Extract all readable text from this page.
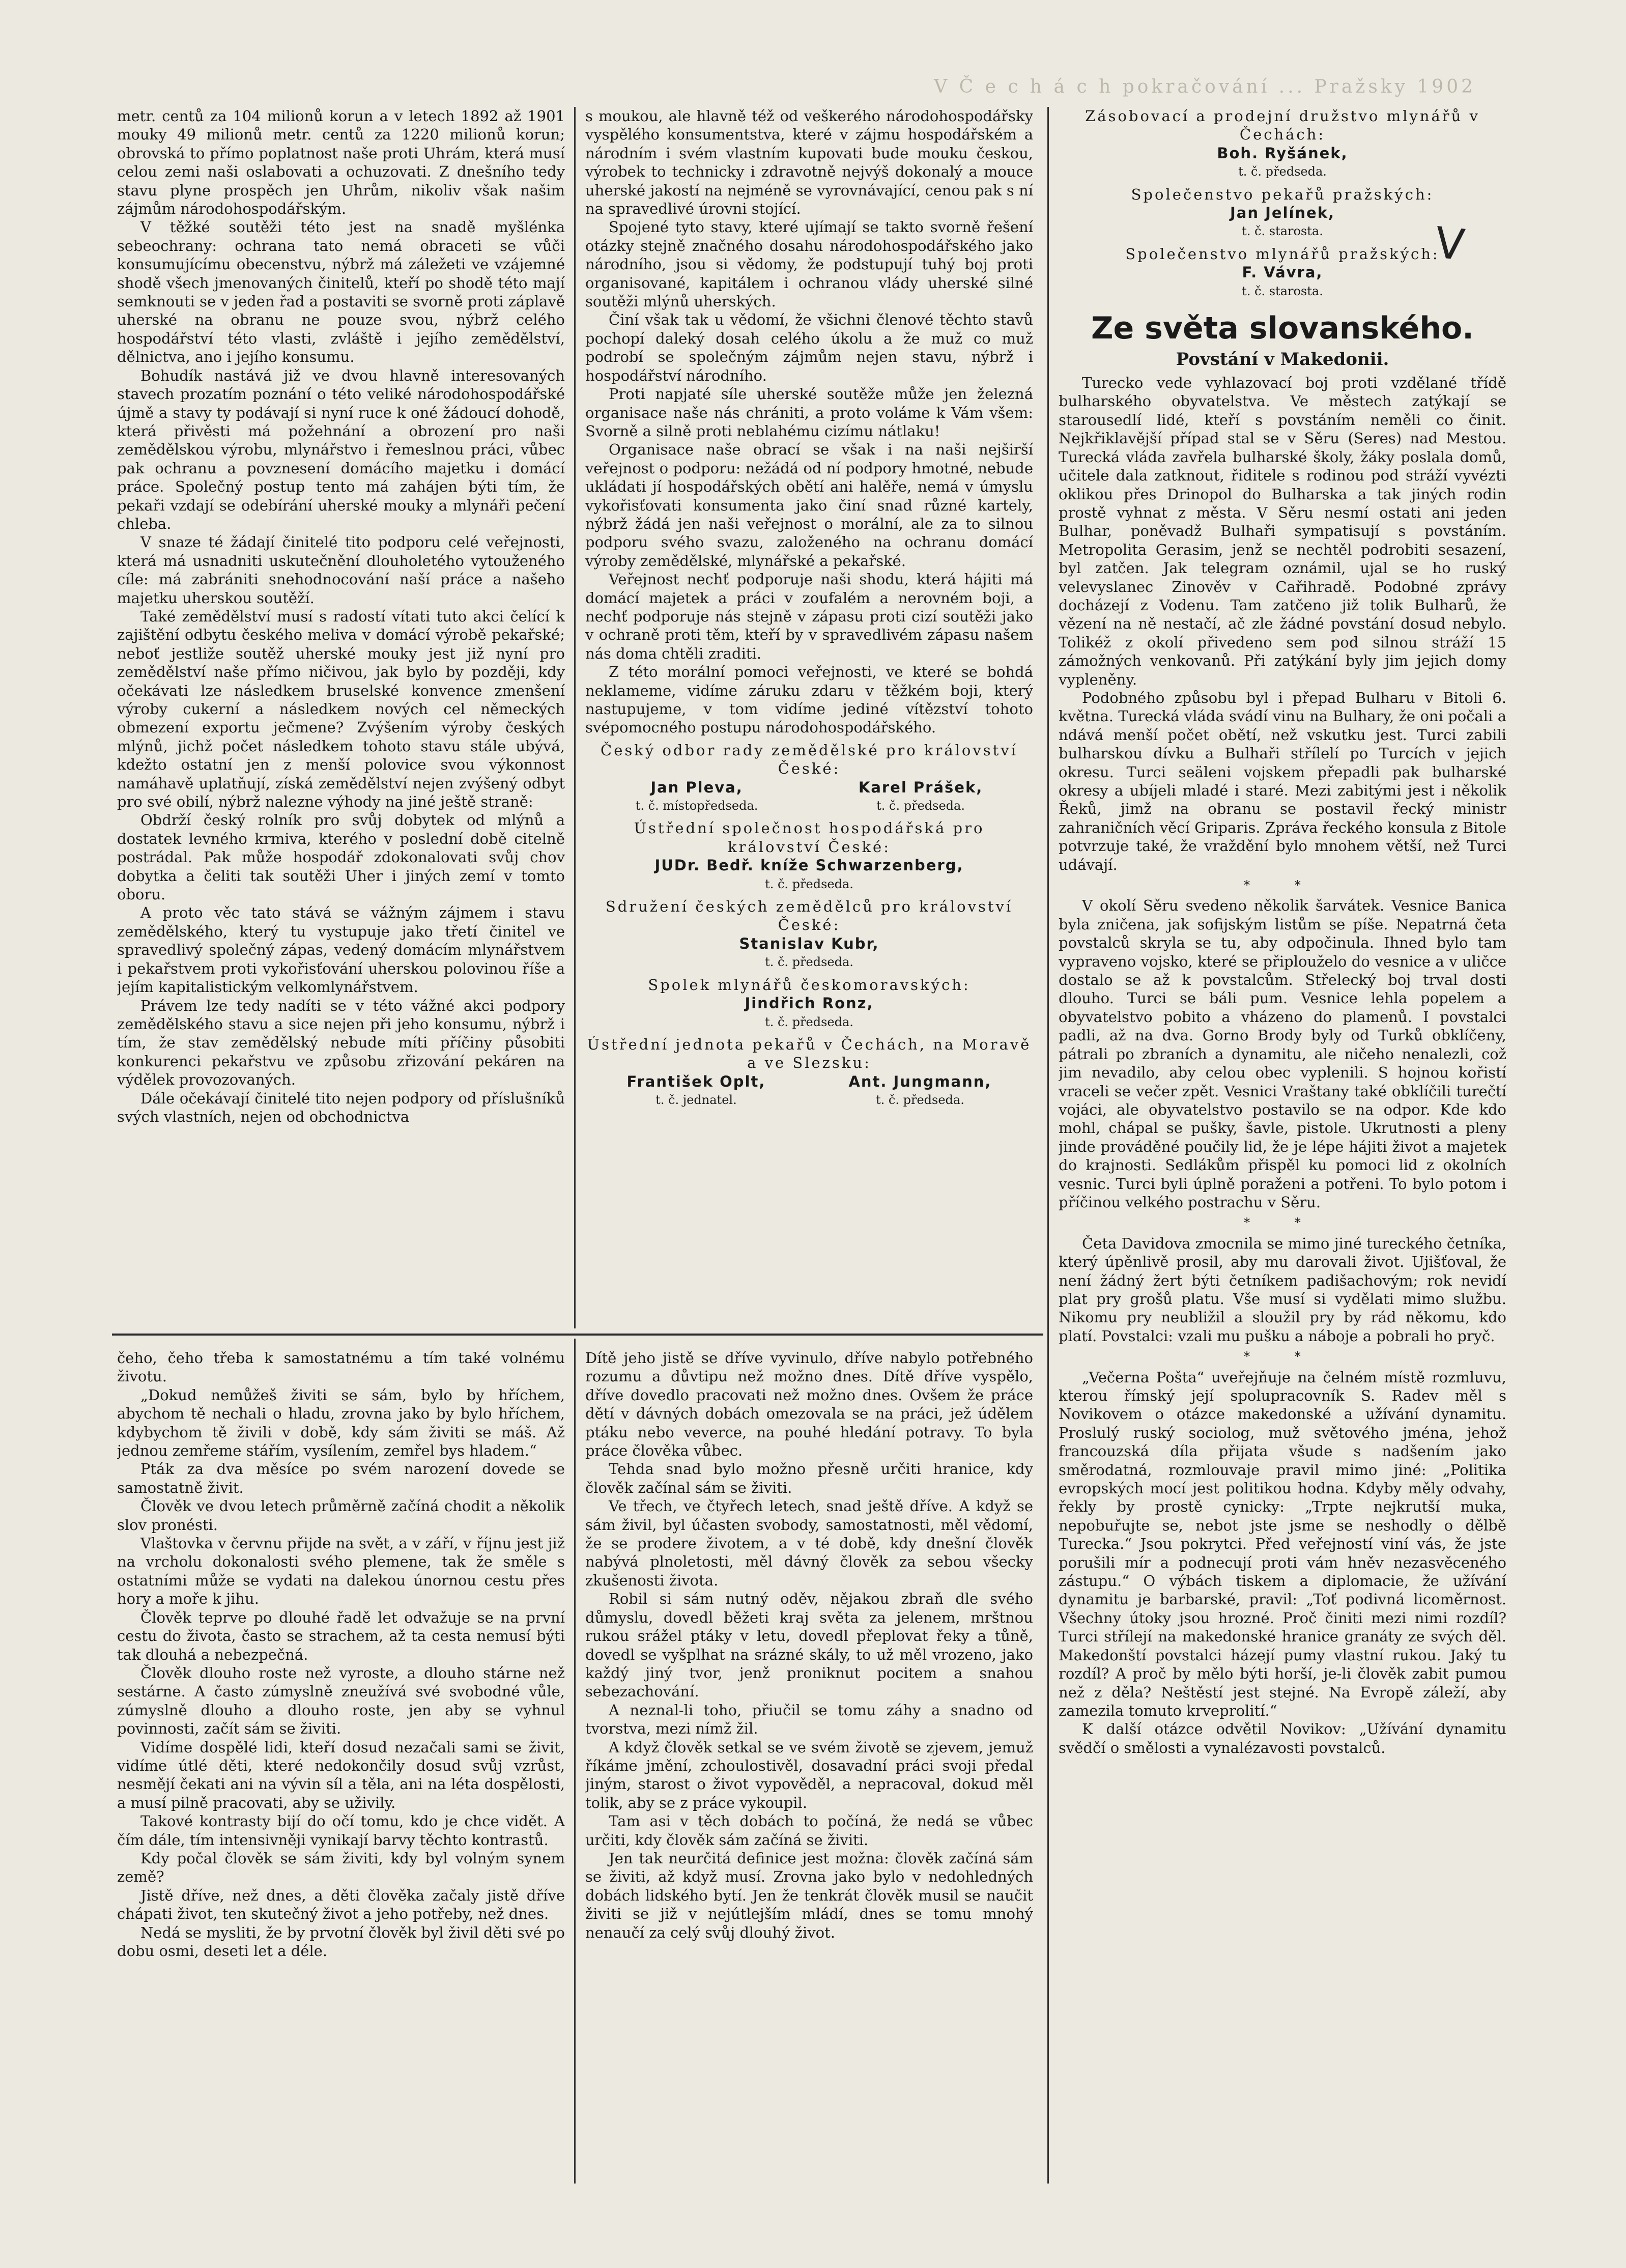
V Č e c h á c h pokračování ... Pražsky 1902

metr. centů za 104 milionů korun a v letech 1892 až 1901 mouky 49 milionů metr. centů za 1220 milionů korun; obrovská to přímo poplatnost naše proti Uhrám, která musí celou zemi naši oslabovati a ochuzovati. Z dnešního tedy stavu plyne prospěch jen Uhrům, nikoliv však našim zájmům národohospodářským.

V těžké soutěži této jest na snadě myšlénka sebeochrany: ochrana tato nemá obraceti se vůči konsumujícímu obecenstvu, nýbrž má záležeti ve vzájemné shodě všech jmenovaných činitelů, kteří po shodě této mají semknouti se v jeden řad a postaviti se svorně proti záplavě uherské na obranu ne pouze svou, nýbrž celého hospodářství této vlasti, zvláště i jejího zemědělství, dělnictva, ano i jejího konsumu.

Bohudík nastává již ve dvou hlavně interesovaných stavech prozatím poznání o této veliké národohospodářské újmě a stavy ty podávají si nyní ruce k oné žádoucí dohodě, která přivěsti má požehnání a obrození pro naši zemědělskou výrobu, mlynářstvo i řemeslnou práci, vůbec pak ochranu a povznesení domácího majetku i domácí práce. Společný postup tento má zahájen býti tím, že pekaři vzdají se odebírání uherské mouky a mlynáři pečení chleba.

V snaze té žádají činitelé tito podporu celé veřejnosti, která má usnadniti uskutečnění dlouholetého vytouženého cíle: má zabrániti snehodnocování naší práce a našeho majetku uherskou soutěží.

Také zemědělství musí s radostí vítati tuto akci čelící k zajištění odbytu českého meliva v domácí výrobě pekařské; neboť jestliže soutěž uherské mouky jest již nyní pro zemědělství naše přímo ničivou, jak bylo by později, kdy očekávati lze následkem bruselské konvence zmenšení výroby cukerní a následkem nových cel německých obmezení exportu ječmene? Zvýšením výroby českých mlýnů, jichž počet následkem tohoto stavu stále ubývá, kdežto ostatní jen z menší polovice svou výkonnost namáhavě uplatňují, získá zemědělství nejen zvýšený odbyt pro své obilí, nýbrž nalezne výhody na jiné ještě straně:

Obdrží český rolník pro svůj dobytek od mlýnů a dostatek levného krmiva, kterého v poslední době citelně postrádal. Pak může hospodář zdokonalovati svůj chov dobytka a čeliti tak soutěži Uher i jiných zemí v tomto oboru.

A proto věc tato stává se vážným zájmem i stavu zemědělského, který tu vystupuje jako třetí činitel ve spravedlivý společný zápas, vedený domácím mlynářstvem i pekařstvem proti vykořisťování uherskou polovinou říše a jejím kapitalistickým velkomlynářstvem.

Právem lze tedy nadíti se v této vážné akci podpory zemědělského stavu a sice nejen při jeho konsumu, nýbrž i tím, že stav zemědělský nebude míti příčiny působiti konkurenci pekařstvu ve způsobu zřizování pekáren na výdělek provozovaných.

Dále očekávají činitelé tito nejen podpory od příslušníků svých vlastních, nejen od obchodnictva

s moukou, ale hlavně též od veškerého národohospodářsky vyspělého konsumentstva, které v zájmu hospodářském a národním i svém vlastním kupovati bude mouku českou, výrobek to technicky i zdravotně nejvýš dokonalý a mouce uherské jakostí na nejméně se vyrovnávající, cenou pak s ní na spravedlivé úrovni stojící.

Spojené tyto stavy, které ujímají se takto svorně řešení otázky stejně značného dosahu národohospodářského jako národního, jsou si vědomy, že podstupují tuhý boj proti organisované, kapitálem i ochranou vlády uherské silné soutěži mlýnů uherských.

Činí však tak u vědomí, že všichni členové těchto stavů pochopí daleký dosah celého úkolu a že muž co muž podrobí se společným zájmům nejen stavu, nýbrž i hospodářství národního.

Proti napjaté síle uherské soutěže může jen železná organisace naše nás chrániti, a proto voláme k Vám všem: Svorně a silně proti neblahému cizímu nátlaku!

Organisace naše obrací se však i na naši nejširší veřejnost o podporu: nežádá od ní podpory hmotné, nebude ukládati jí hospodářských obětí ani halěře, nemá v úmyslu vykořisťovati konsumenta jako činí snad různé kartely, nýbrž žádá jen naši veřejnost o morální, ale za to silnou podporu svého svazu, založeného na ochranu domácí výroby zemědělské, mlynářské a pekařské.

Veřejnost nechť podporuje naši shodu, která hájiti má domácí majetek a práci v zoufalém a nerovném boji, a nechť podporuje nás stejně v zápasu proti cizí soutěži jako v ochraně proti těm, kteří by v spravedlivém zápasu našem nás doma chtěli zraditi.

Z této morální pomoci veřejnosti, ve které se bohdá neklameme, vidíme záruku zdaru v těžkém boji, který nastupujeme, v tom vidíme jediné vítězství tohoto svépomocného postupu národohospodářského.

Český odbor rady zemědělské pro království České:
Jan Pleva,
t. č. místopředseda.
Karel Prášek,
t. č. předseda.
Ústřední společnost hospodářská pro království České:
JUDr. Bedř. kníže Schwarzenberg,
t. č. předseda.
Sdružení českých zemědělců pro království České:
Stanislav Kubr,
t. č. předseda.
Spolek mlynářů českomoravských:
Jindřich Ronz,
t. č. předseda.
Ústřední jednota pekařů v Čechách, na Moravě a ve Slezsku:
František Oplt,
t. č. jednatel.
Ant. Jungmann,
t. č. předseda.
Zásobovací a prodejní družstvo mlynářů v Čechách:
Boh. Ryšánek,
t. č. předseda.
Společenstvo pekařů pražských:
Jan Jelínek,
t. č. starosta.
Společenstvo mlynářů pražských:
F. Vávra,
t. č. starosta.
Ze světa slovanského.
Povstání v Makedonii.

Turecko vede vyhlazovací boj proti vzdělané třídě bulharského obyvatelstva. Ve městech zatýkají se starousedlí lidé, kteří s povstáním neměli co činit. Nejkřiklavější případ stal se v Sěru (Seres) nad Mestou. Turecká vláda zavřela bulharské školy, žáky poslala domů, učitele dala zatknout, řiditele s rodinou pod stráží vyvézti oklikou přes Drinopol do Bulharska a tak jiných rodin prostě vyhnat z města. V Sěru nesmí ostati ani jeden Bulhar, poněvadž Bulhaři sympatisují s povstáním. Metropolita Gerasim, jenž se nechtěl podrobiti sesazení, byl zatčen. Jak telegram oznámil, ujal se ho ruský velevyslanec Zinověv v Cařihradě. Podobné zprávy docházejí z Vodenu. Tam zatčeno již tolik Bulharů, že vězení na ně nestačí, ač zle žádné povstání dosud nebylo. Tolikéž z okolí přivedeno sem pod silnou stráží 15 zámožných venkovanů. Při zatýkání byly jim jejich domy vypleněny.

Podobného způsobu byl i přepad Bulharu v Bitoli 6. května. Turecká vláda svádí vinu na Bulhary, že oni počali a ndává menší počet obětí, než vskutku jest. Turci zabili bulharskou dívku a Bulhaři střílelí po Turcích v jejich okresu. Turci seäleni vojskem přepadli pak bulharské okresy a ubíjeli mladé i staré. Mezi zabitými jest i několik Řeků, jimž na obranu se postavil řecký ministr zahraničních věcí Griparis. Zpráva řeckého konsula z Bitole potvrzuje také, že vraždění bylo mnohem větší, než Turci udávají.

* *

V okolí Sěru svedeno několik šarvátek. Vesnice Banica byla zničena, jak sofijským listům se píše. Nepatrná četa povstalců skryla se tu, aby odpočinula. Ihned bylo tam vypraveno vojsko, které se připlouželo do vesnice a v uličce dostalo se až k povstalcům. Střelecký boj trval dosti dlouho. Turci se báli pum. Vesnice lehla popelem a obyvatelstvo pobito a vházeno do plamenů. I povstalci padli, až na dva. Gorno Brody byly od Turků obklíčeny, pátrali po zbraních a dynamitu, ale ničeho nenalezli, což jim nevadilo, aby celou obec vyplenili. S hojnou kořistí vraceli se večer zpět. Vesnici Vraštany také obklíčili turečtí vojáci, ale obyvatelstvo postavilo se na odpor. Kde kdo mohl, chápal se pušky, šavle, pistole. Ukrutnosti a pleny jinde prováděné poučily lid, že je lépe hájiti život a majetek do krajnosti. Sedlákům přispěl ku pomoci lid z okolních vesnic. Turci byli úplně poraženi a potřeni. To bylo potom i příčinou velkého postrachu v Sěru.

* *

Četa Davidova zmocnila se mimo jiné tureckého četníka, který úpěnlivě prosil, aby mu darovali život. Ujišťoval, že není žádný žert býti četníkem padišachovým; rok nevidí plat pry grošů platu. Vše musí si vydělati mimo službu. Nikomu pry neubližil a sloužil pry by rád někomu, kdo platí. Povstalci: vzali mu pušku a náboje a pobrali ho pryč.

* *

„Večerna Pošta“ uveřejňuje na čelném místě rozmluvu, kterou římský její spolupracovník S. Radev měl s Novikovem o otázce makedonské a užívání dynamitu. Proslulý ruský sociolog, muž světového jména, jehož francouzská díla přijata všude s nadšením jako směrodatná, rozmlouvaje pravil mimo jiné: „Politika evropských mocí jest politikou hodna. Kdyby měly odvahy, řekly by prostě cynicky: „Trpte nejkrutší muka, nepobuřujte se, nebot jste jsme se neshodly o dělbě Turecka.“ Jsou pokrytci. Před veřejností viní vás, že jste porušili mír a podnecují proti vám hněv nezasvěceného zástupu.“ O výbách tiskem a diplomacie, že užívání dynamitu je barbarské, pravil: „Toť podivná licoměrnost. Všechny útoky jsou hrozné. Proč činiti mezi nimi rozdíl? Turci střílejí na makedonské hranice granáty ze svých děl. Makedonští povstalci házejí pumy vlastní rukou. Jaký tu rozdíl? A proč by mělo býti horší, je-li člověk zabit pumou než z děla? Neštěstí jest stejné. Na Evropě záleží, aby zamezila tomuto krveprolití.“

K další otázce odvětil Novikov: „Užívání dynamitu svědčí o smělosti a vynalézavosti povstalců.

čeho, čeho třeba k samostatnému a tím také volnému životu.

„Dokud nemůžeš živiti se sám, bylo by hříchem, abychom tě nechali o hladu, zrovna jako by bylo hříchem, kdybychom tě živili v době, kdy sám živiti se máš. Až jednou zemřeme stářím, vysílením, zemřel bys hladem.“

Pták za dva měsíce po svém narození dovede se samostatně živit.

Člověk ve dvou letech průměrně začíná chodit a několik slov pronésti.

Vlaštovka v červnu přijde na svět, a v září, v říjnu jest již na vrcholu dokonalosti svého plemene, tak že směle s ostatními může se vydati na dalekou únornou cestu přes hory a moře k jihu.

Člověk teprve po dlouhé řadě let odvažuje se na první cestu do života, často se strachem, až ta cesta nemusí býti tak dlouhá a nebezpečná.

Člověk dlouho roste než vyroste, a dlouho stárne než sestárne. A často zúmyslně zneužívá své svobodné vůle, zúmyslně dlouho a dlouho roste, jen aby se vyhnul povinnosti, začít sám se živiti.

Vidíme dospělé lidi, kteří dosud nezačali sami se živit, vidíme útlé děti, které nedokončily dosud svůj vzrůst, nesmějí čekati ani na vývin síl a těla, ani na léta dospělosti, a musí pilně pracovati, aby se uživily.

Takové kontrasty bijí do očí tomu, kdo je chce vidět. A čím dále, tím intensivněji vynikají barvy těchto kontrastů.

Kdy počal člověk se sám živiti, kdy byl volným synem země?

Jistě dříve, než dnes, a děti člověka začaly jistě dříve chápati život, ten skutečný život a jeho potřeby, než dnes.

Nedá se mysliti, že by prvotní člověk byl živil děti své po dobu osmi, deseti let a déle.

Dítě jeho jistě se dříve vyvinulo, dříve nabylo potřebného rozumu a důvtipu než možno dnes. Dítě dříve vyspělo, dříve dovedlo pracovati než možno dnes. Ovšem že práce dětí v dávných dobách omezovala se na práci, jež údělem ptáku nebo veverce, na pouhé hledání potravy. To byla práce člověka vůbec.

Tehda snad bylo možno přesně určiti hranice, kdy člověk začínal sám se živiti.

Ve třech, ve čtyřech letech, snad ještě dříve. A když se sám živil, byl účasten svobody, samostatnosti, měl vědomí, že se prodere životem, a v té době, kdy dnešní člověk nabývá plnoletosti, měl dávný člověk za sebou všecky zkušenosti života.

Robil si sám nutný oděv, nějakou zbraň dle svého důmyslu, dovedl běžeti kraj světa za jelenem, mrštnou rukou srážel ptáky v letu, dovedl přeplovat řeky a tůně, dovedl se vyšplhat na srázné skály, to už měl vrozeno, jako každý jiný tvor, jenž proniknut pocitem a snahou sebezachování.

A neznal-li toho, přiučil se tomu záhy a snadno od tvorstva, mezi nímž žil.

A když člověk setkal se ve svém životě se zjevem, jemuž říkáme jmění, zchoulostivěl, dosavadní práci svoji předal jiným, starost o život vypověděl, a nepracoval, dokud měl tolik, aby se z práce vykoupil.

Tam asi v těch dobách to počíná, že nedá se vůbec určiti, kdy člověk sám začíná se živiti.

Jen tak neurčitá definice jest možna: člověk začíná sám se živiti, až když musí. Zrovna jako bylo v nedohledných dobách lidského bytí. Jen že tenkrát člověk musil se naučit živiti se již v nejútlejším mládí, dnes se tomu mnohý nenaučí za celý svůj dlouhý život.

V
